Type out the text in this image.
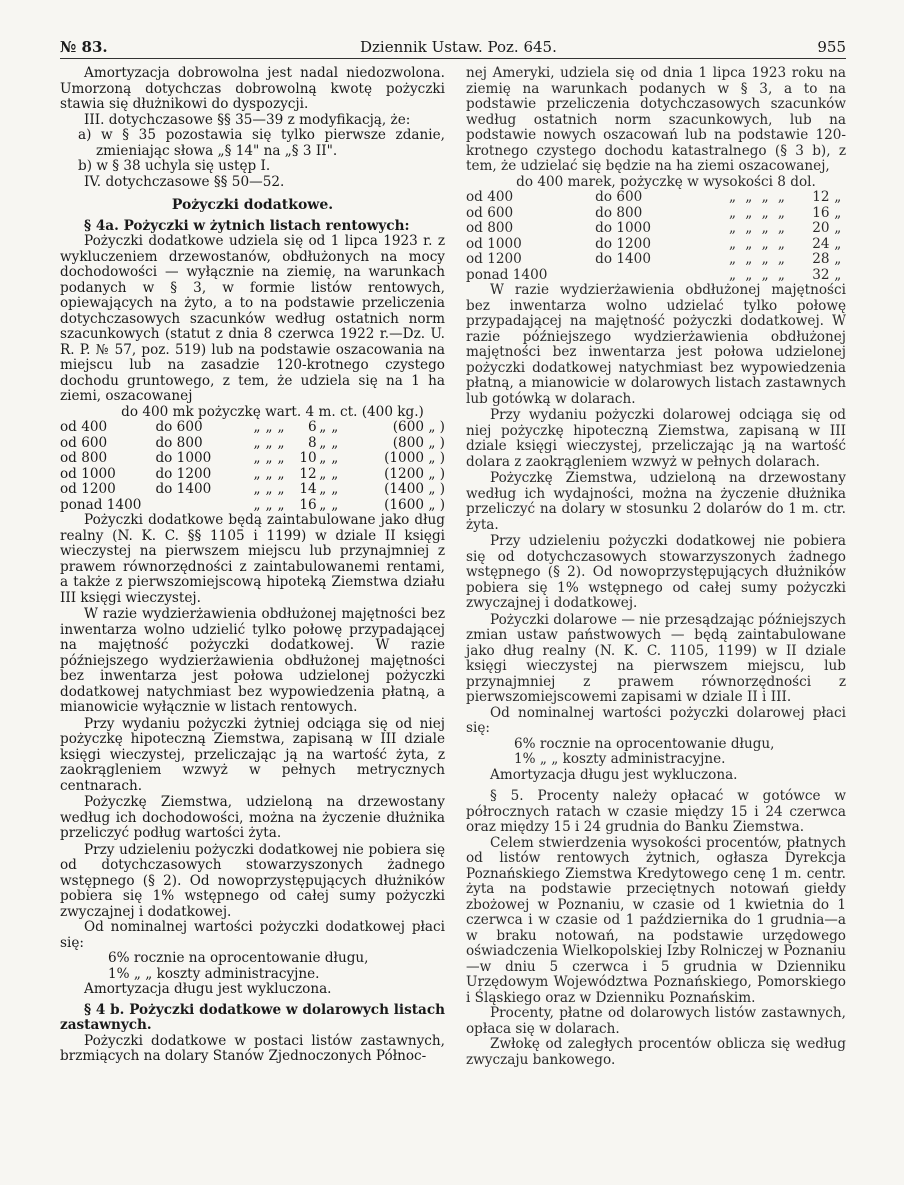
№ 83.	Dziennik Ustaw. Poz. 645.	955

Amortyzacja dobrowolna jest nadal niedozwolona. Umorzoną dotychczas dobrowolną kwotę pożyczki stawia się dłużnikowi do dyspozycji.

III. dotychczasowe §§ 35—39 z modyfikacją, że:

a) w § 35 pozostawia się tylko pierwsze zdanie, zmieniając słowa „§ 14" na „§ 3 II".

b) w § 38 uchyla się ustęp I.

IV. dotychczasowe §§ 50—52.

Pożyczki dodatkowe.

§ 4a. Pożyczki w żytnich listach rentowych:

Pożyczki dodatkowe udziela się od 1 lipca 1923 r. z wykluczeniem drzewostanów, obdłużonych na mocy dochodowości — wyłącznie na ziemię, na warunkach podanych w § 3, w formie listów rentowych, opiewających na żyto, a to na podstawie przeliczenia dotychczasowych szacunków według ostatnich norm szacunkowych (statut z dnia 8 czerwca 1922 r.—Dz. U. R. P. № 57, poz. 519) lub na podstawie oszacowania na miejscu lub na zasadzie 120-krotnego czystego dochodu gruntowego, z tem, że udziela się na 1 ha ziemi, oszacowanej

do 400 mk pożyczkę wart. 4 m. ct. (400 kg.)

od 400	do 600	„	„	„	6	„	„	(600 „ )
od 600	do 800	„	„	„	8	„	„	(800 „ )
od 800	do 1000	„	„	„	10	„	„	(1000 „ )
od 1000	do 1200	„	„	„	12	„	„	(1200 „ )
od 1200	do 1400	„	„	„	14	„	„	(1400 „ )
ponad 1400		„	„	„	16	„	„	(1600 „ )

Pożyczki dodatkowe będą zaintabulowane jako dług realny (N. K. C. §§ 1105 i 1199) w dziale II księgi wieczystej na pierwszem miejscu lub przynajmniej z prawem równorzędności z zaintabulowanemi rentami, a także z pierwszomiejscową hipoteką Ziemstwa działu III księgi wieczystej.

W razie wydzierżawienia obdłużonej majętności bez inwentarza wolno udzielić tylko połowę przypadającej na majętność pożyczki dodatkowej. W razie późniejszego wydzierżawienia obdłużonej majętności bez inwentarza jest połowa udzielonej pożyczki dodatkowej natychmiast bez wypowiedzenia płatną, a mianowicie wyłącznie w listach rentowych.

Przy wydaniu pożyczki żytniej odciąga się od niej pożyczkę hipoteczną Ziemstwa, zapisaną w III dziale księgi wieczystej, przeliczając ją na wartość żyta, z zaokrągleniem wzwyż w pełnych metrycznych centnarach.

Pożyczkę Ziemstwa, udzieloną na drzewostany według ich dochodowości, można na życzenie dłużnika przeliczyć podług wartości żyta.

Przy udzieleniu pożyczki dodatkowej nie pobiera się od dotychczasowych stowarzyszonych żadnego wstępnego (§ 2). Od nowoprzystępujących dłużników pobiera się 1% wstępnego od całej sumy pożyczki zwyczajnej i dodatkowej.

Od nominalnej wartości pożyczki dodatkowej płaci się:

6% rocznie na oprocentowanie długu,

1% „ „ koszty administracyjne.

Amortyzacja długu jest wykluczona.

§ 4 b. Pożyczki dodatkowe w dolarowych listach zastawnych.

Pożyczki dodatkowe w postaci listów zastawnych, brzmiących na dolary Stanów Zjednoczonych Północ-

nej Ameryki, udziela się od dnia 1 lipca 1923 roku na ziemię na warunkach podanych w § 3, a to na podstawie przeliczenia dotychczasowych szacunków według ostatnich norm szacunkowych, lub na podstawie nowych oszacowań lub na podstawie 120-krotnego czystego dochodu katastralnego (§ 3 b), z tem, że udzielać się będzie na ha ziemi oszacowanej,

do 400 marek, pożyczkę w wysokości 8 dol.

od 400	do 600	„	„	„	„	12	„
od 600	do 800	„	„	„	„	16	„
od 800	do 1000	„	„	„	„	20	„
od 1000	do 1200	„	„	„	„	24	„
od 1200	do 1400	„	„	„	„	28	„
ponad 1400		„	„	„	„	32	„

W razie wydzierżawienia obdłużonej majętności bez inwentarza wolno udzielać tylko połowę przypadającej na majętność pożyczki dodatkowej. W razie późniejszego wydzierżawienia obdłużonej majętności bez inwentarza jest połowa udzielonej pożyczki dodatkowej natychmiast bez wypowiedzenia płatną, a mianowicie w dolarowych listach zastawnych lub gotówką w dolarach.

Przy wydaniu pożyczki dolarowej odciąga się od niej pożyczkę hipoteczną Ziemstwa, zapisaną w III dziale księgi wieczystej, przeliczając ją na wartość dolara z zaokrągleniem wzwyż w pełnych dolarach.

Pożyczkę Ziemstwa, udzieloną na drzewostany według ich wydajności, można na życzenie dłużnika przeliczyć na dolary w stosunku 2 dolarów do 1 m. ctr. żyta.

Przy udzieleniu pożyczki dodatkowej nie pobiera się od dotychczasowych stowarzyszonych żadnego wstępnego (§ 2). Od nowoprzystępujących dłużników pobiera się 1% wstępnego od całej sumy pożyczki zwyczajnej i dodatkowej.

Pożyczki dolarowe — nie przesądzając późniejszych zmian ustaw państwowych — będą zaintabulowane jako dług realny (N. K. C. 1105, 1199) w II dziale księgi wieczystej na pierwszem miejscu, lub przynajmniej z prawem równorzędności z pierwszomiejscowemi zapisami w dziale II i III.

Od nominalnej wartości pożyczki dolarowej płaci się:

6% rocznie na oprocentowanie długu,

1% „ „ koszty administracyjne.

Amortyzacja długu jest wykluczona.

§ 5. Procenty należy opłacać w gotówce w półrocznych ratach w czasie między 15 i 24 czerwca oraz między 15 i 24 grudnia do Banku Ziemstwa.

Celem stwierdzenia wysokości procentów, płatnych od listów rentowych żytnich, ogłasza Dyrekcja Poznańskiego Ziemstwa Kredytowego cenę 1 m. centr. żyta na podstawie przeciętnych notowań giełdy zbożowej w Poznaniu, w czasie od 1 kwietnia do 1 czerwca i w czasie od 1 października do 1 grudnia—a w braku notowań, na podstawie urzędowego oświadczenia Wielkopolskiej Izby Rolniczej w Poznaniu—w dniu 5 czerwca i 5 grudnia w Dzienniku Urzędowym Województwa Poznańskiego, Pomorskiego i Śląskiego oraz w Dzienniku Poznańskim.

Procenty, płatne od dolarowych listów zastawnych, opłaca się w dolarach.

Zwłokę od zaległych procentów oblicza się według zwyczaju bankowego.
